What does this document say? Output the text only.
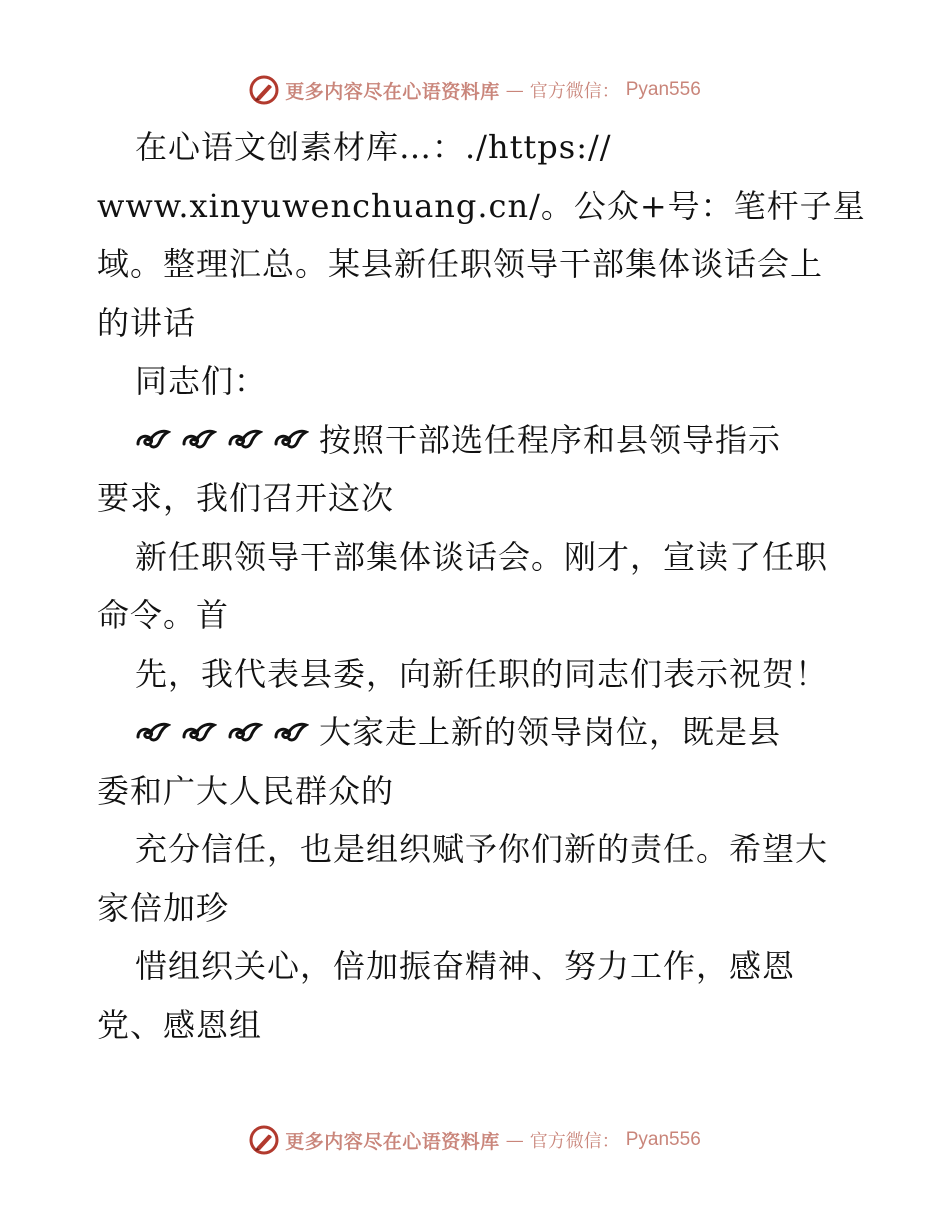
更多内容尽在心语资料库 — 官方微信： Pyan556
在心语文创素材库…：./https://
www.xinyuwenchuang.cn/。公众+号：笔杆子星
域。整理汇总。某县新任职领导干部集体谈话会上
的讲话
同志们：
按照干部选任程序和县领导指示
要求，我们召开这次
新任职领导干部集体谈话会。刚才，宣读了任职
命令。首
先，我代表县委，向新任职的同志们表示祝贺！
大家走上新的领导岗位，既是县
委和广大人民群众的
充分信任，也是组织赋予你们新的责任。希望大
家倍加珍
惜组织关心，倍加振奋精神、努力工作，感恩
党、感恩组
更多内容尽在心语资料库 — 官方微信： Pyan556
